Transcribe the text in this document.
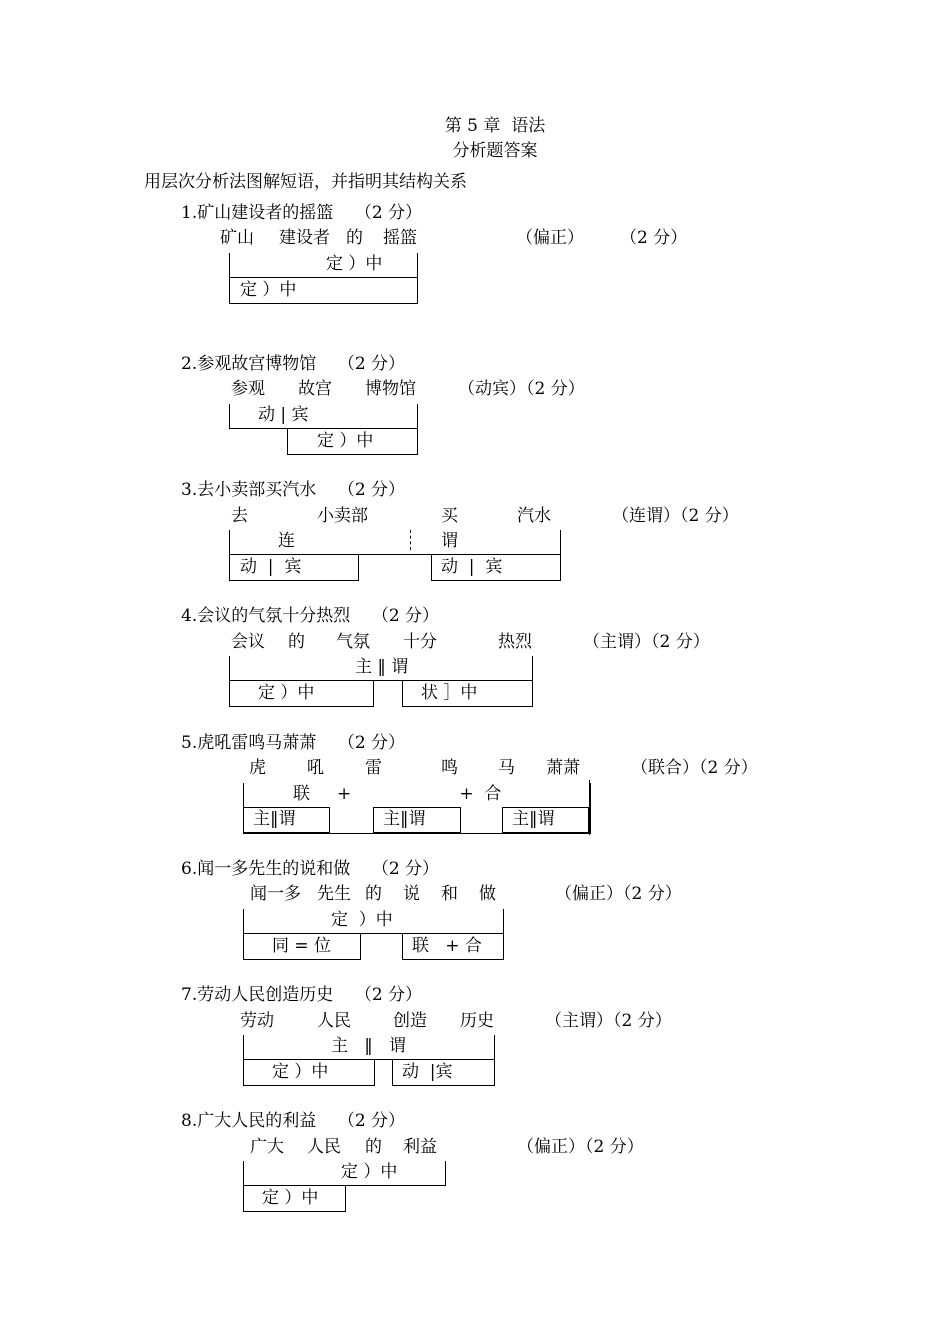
第 5 章  语法
分析题答案
用层次分析法图解短语，并指明其结构关系
1.矿山建设者的摇篮    （2 分）
矿山 建设者 的 摇篮	（偏正） （2 分）
定 ）中
定 ）中
2.参观故宫博物馆    （2 分）
参观 故宫 博物馆 （动宾）（2 分）
动 | 宾
定 ）中
3.去小卖部买汽水    （2 分）
去	小卖部	买	汽水	（连谓）（2 分）
连	谓
动  |  宾	动  |  宾
4.会议的气氛十分热烈    （2 分）
会议 的 气氛 十分	热烈	（主谓）（2 分）
主 ‖ 谓
定 ）中	状 ］中
5.虎吼雷鸣马萧萧    （2 分）
虎 吼 雷	鸣 马 萧萧	（联合）（2 分）
联     +                    +  合
主‖谓	主‖谓	主‖谓
6.闻一多先生的说和做    （2 分）
闻一多 先生 的 说 和 做	（偏正）（2 分）
定  ）中
同 = 位	联   + 合
7.劳动人民创造历史    （2 分）
劳动	人民 创造 历史	（主谓）（2 分）
主   ‖   谓
定 ）中	动  |宾
8.广大人民的利益    （2 分）
广大 人民 的 利益	（偏正）（2 分）
定 ）中
定 ）中
